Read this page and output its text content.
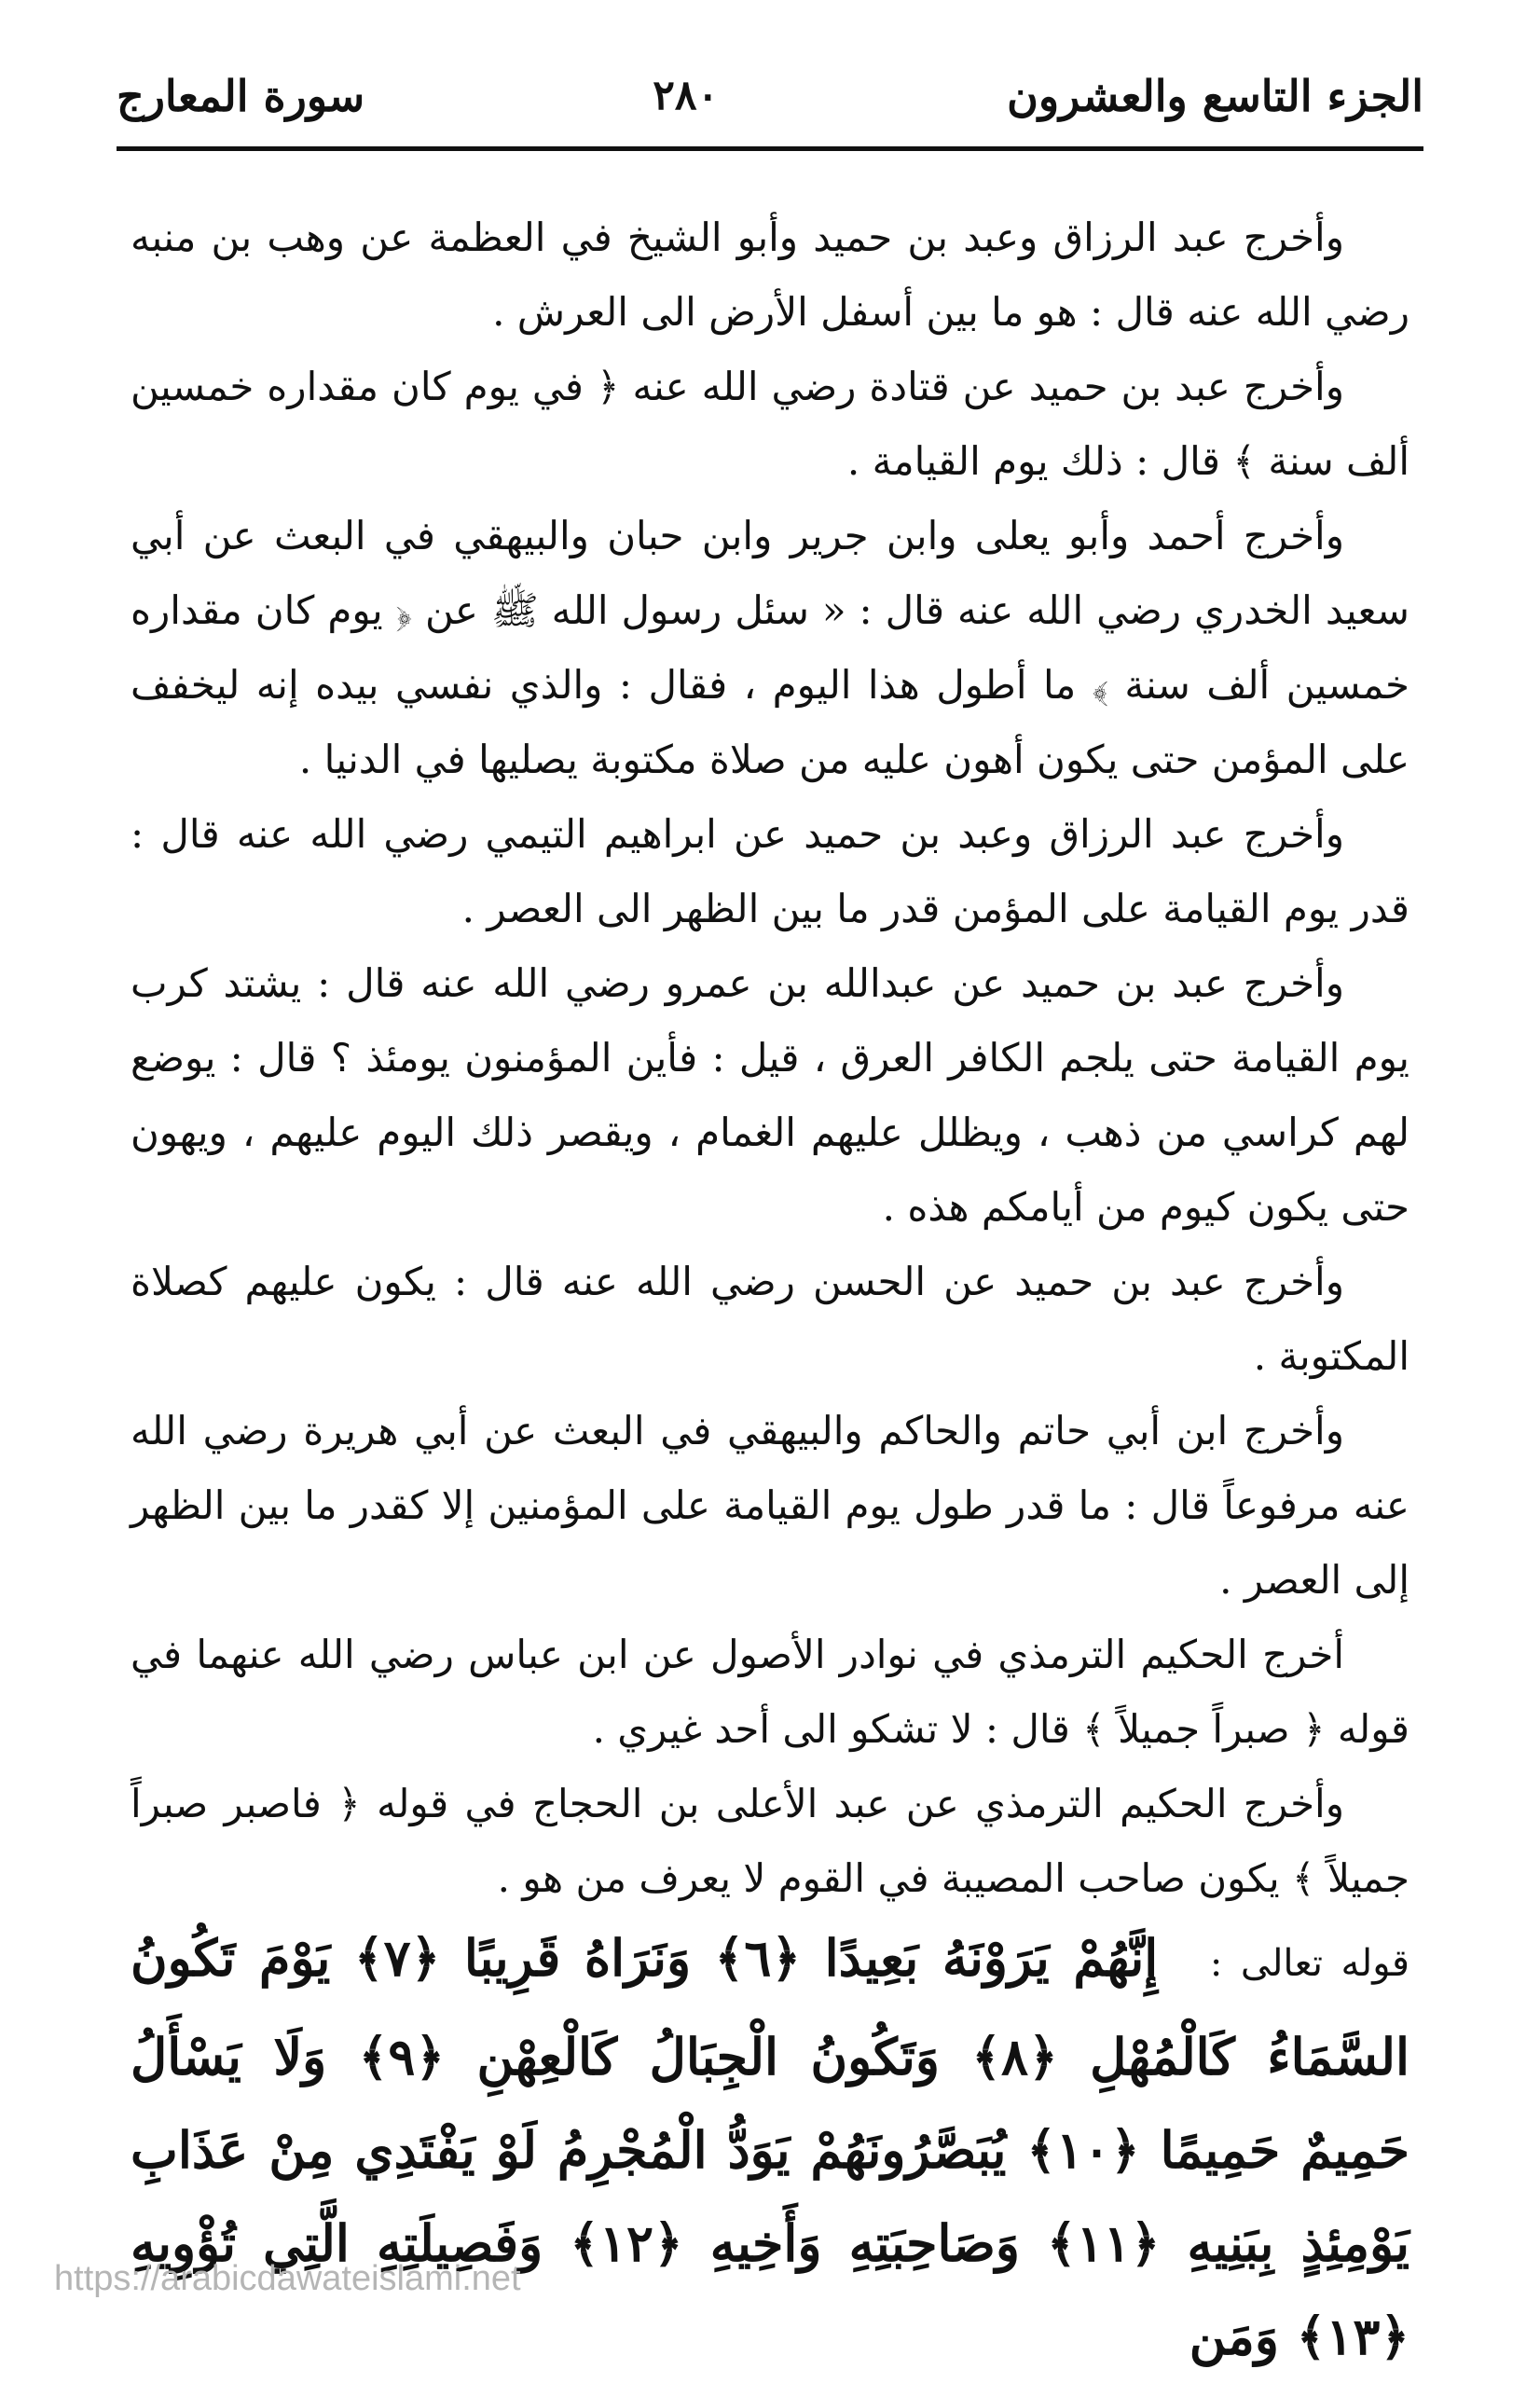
الجزء التاسع والعشرون
٢٨٠
سورة المعارج

وأخرج عبد الرزاق وعبد بن حميد وأبو الشيخ في العظمة عن وهب بن منبه رضي الله عنه قال : هو ما بين أسفل الأرض الى العرش .

وأخرج عبد بن حميد عن قتادة رضي الله عنه ﴿ في يوم كان مقداره خمسين ألف سنة ﴾ قال : ذلك يوم القيامة .

وأخرج أحمد وأبو يعلى وابن جرير وابن حبان والبيهقي في البعث عن أبي سعيد الخدري رضي الله عنه قال : « سئل رسول الله ﷺ عن ﴿ يوم كان مقداره خمسين ألف سنة ﴾ ما أطول هذا اليوم ، فقال : والذي نفسي بيده إنه ليخفف على المؤمن حتى يكون أهون عليه من صلاة مكتوبة يصليها في الدنيا .

وأخرج عبد الرزاق وعبد بن حميد عن ابراهيم التيمي رضي الله عنه قال : قدر يوم القيامة على المؤمن قدر ما بين الظهر الى العصر .

وأخرج عبد بن حميد عن عبدالله بن عمرو رضي الله عنه قال : يشتد كرب يوم القيامة حتى يلجم الكافر العرق ، قيل : فأين المؤمنون يومئذ ؟ قال : يوضع لهم كراسي من ذهب ، ويظلل عليهم الغمام ، ويقصر ذلك اليوم عليهم ، ويهون حتى يكون كيوم من أيامكم هذه .

وأخرج عبد بن حميد عن الحسن رضي الله عنه قال : يكون عليهم كصلاة المكتوبة .

وأخرج ابن أبي حاتم والحاكم والبيهقي في البعث عن أبي هريرة رضي الله عنه مرفوعاً قال : ما قدر طول يوم القيامة على المؤمنين إلا كقدر ما بين الظهر إلى العصر .

أخرج الحكيم الترمذي في نوادر الأصول عن ابن عباس رضي الله عنهما في قوله ﴿ صبراً جميلاً ﴾ قال : لا تشكو الى أحد غيري .

وأخرج الحكيم الترمذي عن عبد الأعلى بن الحجاج في قوله ﴿ فاصبر صبراً جميلاً ﴾ يكون صاحب المصيبة في القوم لا يعرف من هو .

قوله تعالى : إِنَّهُمْ يَرَوْنَهُ بَعِيدًا ﴿٦﴾ وَنَرَاهُ قَرِيبًا ﴿٧﴾ يَوْمَ تَكُونُ السَّمَاءُ كَالْمُهْلِ ﴿٨﴾ وَتَكُونُ الْجِبَالُ كَالْعِهْنِ ﴿٩﴾ وَلَا يَسْأَلُ حَمِيمٌ حَمِيمًا ﴿١٠﴾ يُبَصَّرُونَهُمْ يَوَدُّ الْمُجْرِمُ لَوْ يَفْتَدِي مِنْ عَذَابِ يَوْمِئِذٍ بِبَنِيهِ ﴿١١﴾ وَصَاحِبَتِهِ وَأَخِيهِ ﴿١٢﴾ وَفَصِيلَتِهِ الَّتِي تُؤْوِيهِ ﴿١٣﴾ وَمَن
https://arabicdawateislami.net
